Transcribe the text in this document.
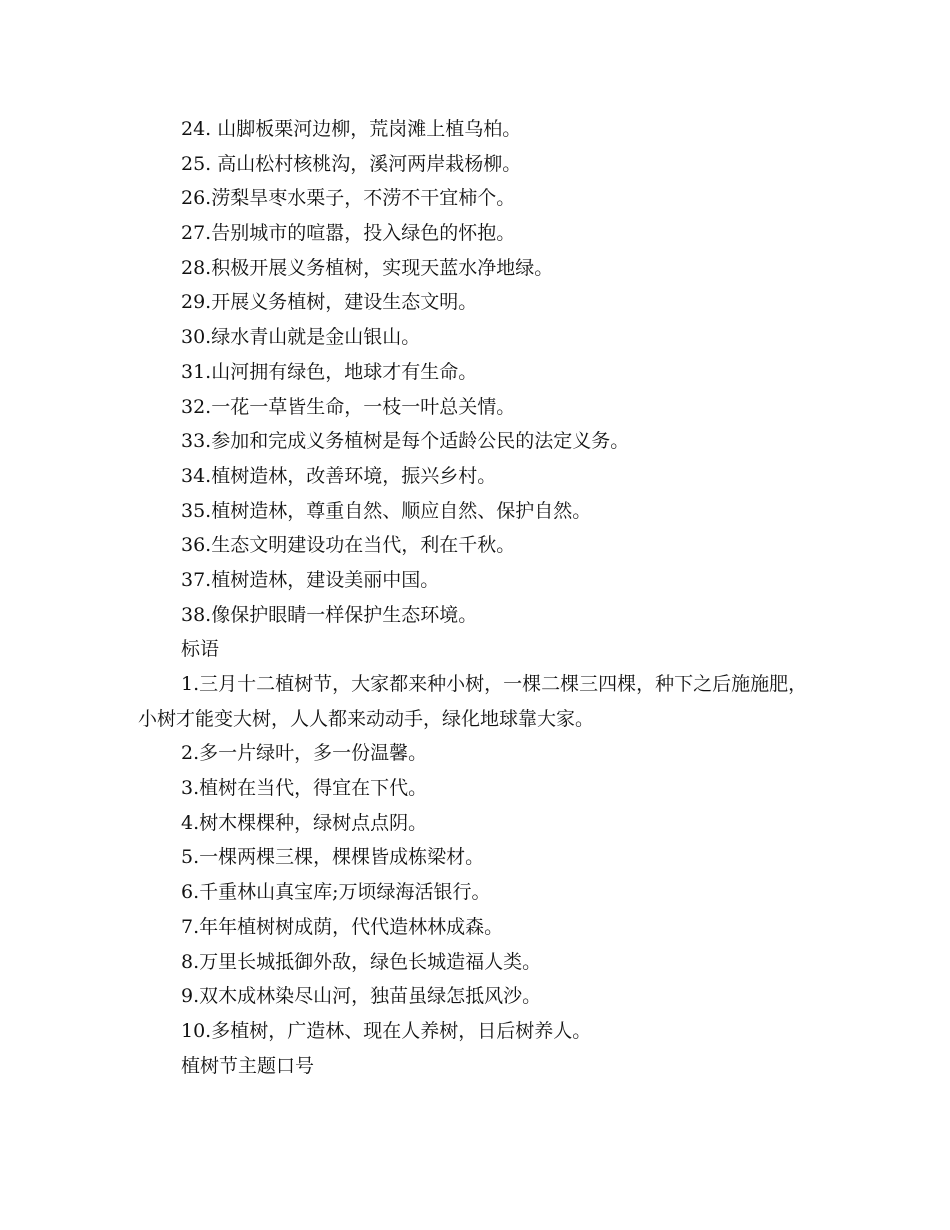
24. 山脚板栗河边柳，荒岗滩上植乌柏。
25. 高山松村核桃沟，溪河两岸栽杨柳。
26.涝梨旱枣水栗子，不涝不干宜柿个。
27.告别城市的喧嚣，投入绿色的怀抱。
28.积极开展义务植树，实现天蓝水净地绿。
29.开展义务植树，建设生态文明。
30.绿水青山就是金山银山。
31.山河拥有绿色，地球才有生命。
32.一花一草皆生命，一枝一叶总关情。
33.参加和完成义务植树是每个适龄公民的法定义务。
34.植树造林，改善环境，振兴乡村。
35.植树造林，尊重自然、顺应自然、保护自然。
36.生态文明建设功在当代，利在千秋。
37.植树造林，建设美丽中国。
38.像保护眼睛一样保护生态环境。
标语
1.三月十二植树节，大家都来种小树，一棵二棵三四棵，种下之后施施肥，小树才能变大树，人人都来动动手，绿化地球靠大家。
2.多一片绿叶，多一份温馨。
3.植树在当代，得宜在下代。
4.树木棵棵种，绿树点点阴。
5.一棵两棵三棵，棵棵皆成栋梁材。
6.千重林山真宝库;万顷绿海活银行。
7.年年植树树成荫，代代造林林成森。
8.万里长城抵御外敌，绿色长城造福人类。
9.双木成林染尽山河，独苗虽绿怎抵风沙。
10.多植树，广造林、现在人养树，日后树养人。
植树节主题口号
